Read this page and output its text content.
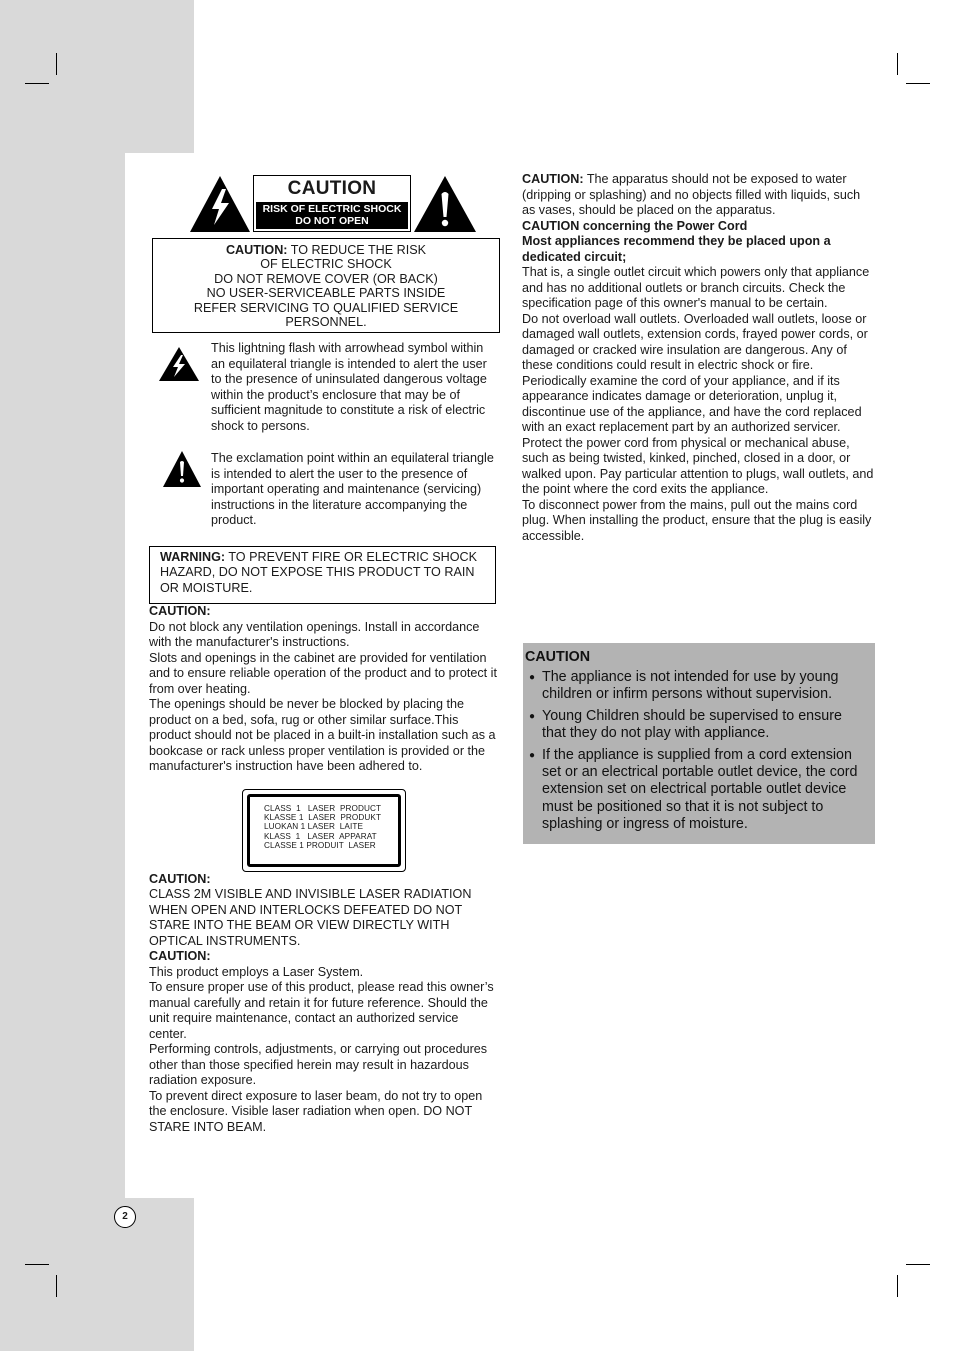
CAUTION
RISK OF ELECTRIC SHOCK
DO NOT OPEN
CAUTION: TO REDUCE THE RISK
OF ELECTRIC SHOCK
DO NOT REMOVE COVER (OR BACK)
NO USER-SERVICEABLE PARTS INSIDE
REFER SERVICING TO QUALIFIED SERVICE
PERSONNEL.

This lightning flash with arrowhead symbol within an equilateral triangle is intended to alert the user to the presence of uninsulated dangerous voltage within the product’s enclosure that may be of sufficient magnitude to constitute a risk of electric shock to persons.

The exclamation point within an equilateral triangle is intended to alert the user to the presence of important operating and maintenance (servicing) instructions in the literature accompanying the product.

WARNING: TO PREVENT FIRE OR ELECTRIC SHOCK HAZARD, DO NOT EXPOSE THIS PRODUCT TO RAIN OR MOISTURE.

CAUTION:

Do not block any ventilation openings. Install in accordance with the manufacturer's instructions.

Slots and openings in the cabinet are provided for ventilation and to ensure reliable operation of the product and to protect it from over heating.

The openings should be never be blocked by placing the product on a bed, sofa, rug or other similar surface.This product should not be placed in a built-in installation such as a bookcase or rack unless proper ventilation is provided or the manufacturer's instruction have been adhered to.

CLASS  1   LASER  PRODUCT
KLASSE 1  LASER  PRODUKT
LUOKAN 1 LASER  LAITE
KLASS  1   LASER  APPARAT
CLASSE 1 PRODUIT  LASER

CAUTION:

CLASS 2M VISIBLE AND INVISIBLE LASER RADIATION WHEN OPEN AND INTERLOCKS DEFEATED DO NOT STARE INTO THE BEAM OR VIEW DIRECTLY WITH OPTICAL INSTRUMENTS.

CAUTION:

This product employs a Laser System.

To ensure proper use of this product, please read this owner’s manual carefully and retain it for future reference. Should the unit require maintenance, contact an authorized service center.

Performing controls, adjustments, or carrying out procedures other than those specified herein may result in hazardous radiation exposure.

To prevent direct exposure to laser beam, do not try to open the enclosure. Visible laser radiation when open. DO NOT STARE INTO BEAM.

CAUTION: The apparatus should not be exposed to water (dripping or splashing) and no objects filled with liquids, such as vases, should be placed on the apparatus.

CAUTION concerning the Power Cord

Most appliances recommend they be placed upon a dedicated circuit;

That is, a single outlet circuit which powers only that appliance and has no additional outlets or branch circuits. Check the specification page of this owner's manual to be certain.

Do not overload wall outlets. Overloaded wall outlets, loose or damaged wall outlets, extension cords, frayed power cords, or damaged or cracked wire insulation are dangerous. Any of these conditions could result in electric shock or fire. Periodically examine the cord of your appliance, and if its appearance indicates damage or deterioration, unplug it, discontinue use of the appliance, and have the cord replaced with an exact replacement part by an authorized servicer.

Protect the power cord from physical or mechanical abuse, such as being twisted, kinked, pinched, closed in a door, or walked upon. Pay particular attention to plugs, wall outlets, and the point where the cord exits the appliance.

To disconnect power from the mains, pull out the mains cord plug. When installing the product, ensure that the plug is easily accessible.

CAUTION
● The appliance is not intended for use by young children or infirm persons without supervision.
● Young Children should be supervised to ensure that they do not play with appliance.
● If the appliance is supplied from a cord extension set or an electrical portable outlet device, the cord extension set on electrical portable outlet device must be positioned so that it is not subject to splashing or ingress of moisture.
2
